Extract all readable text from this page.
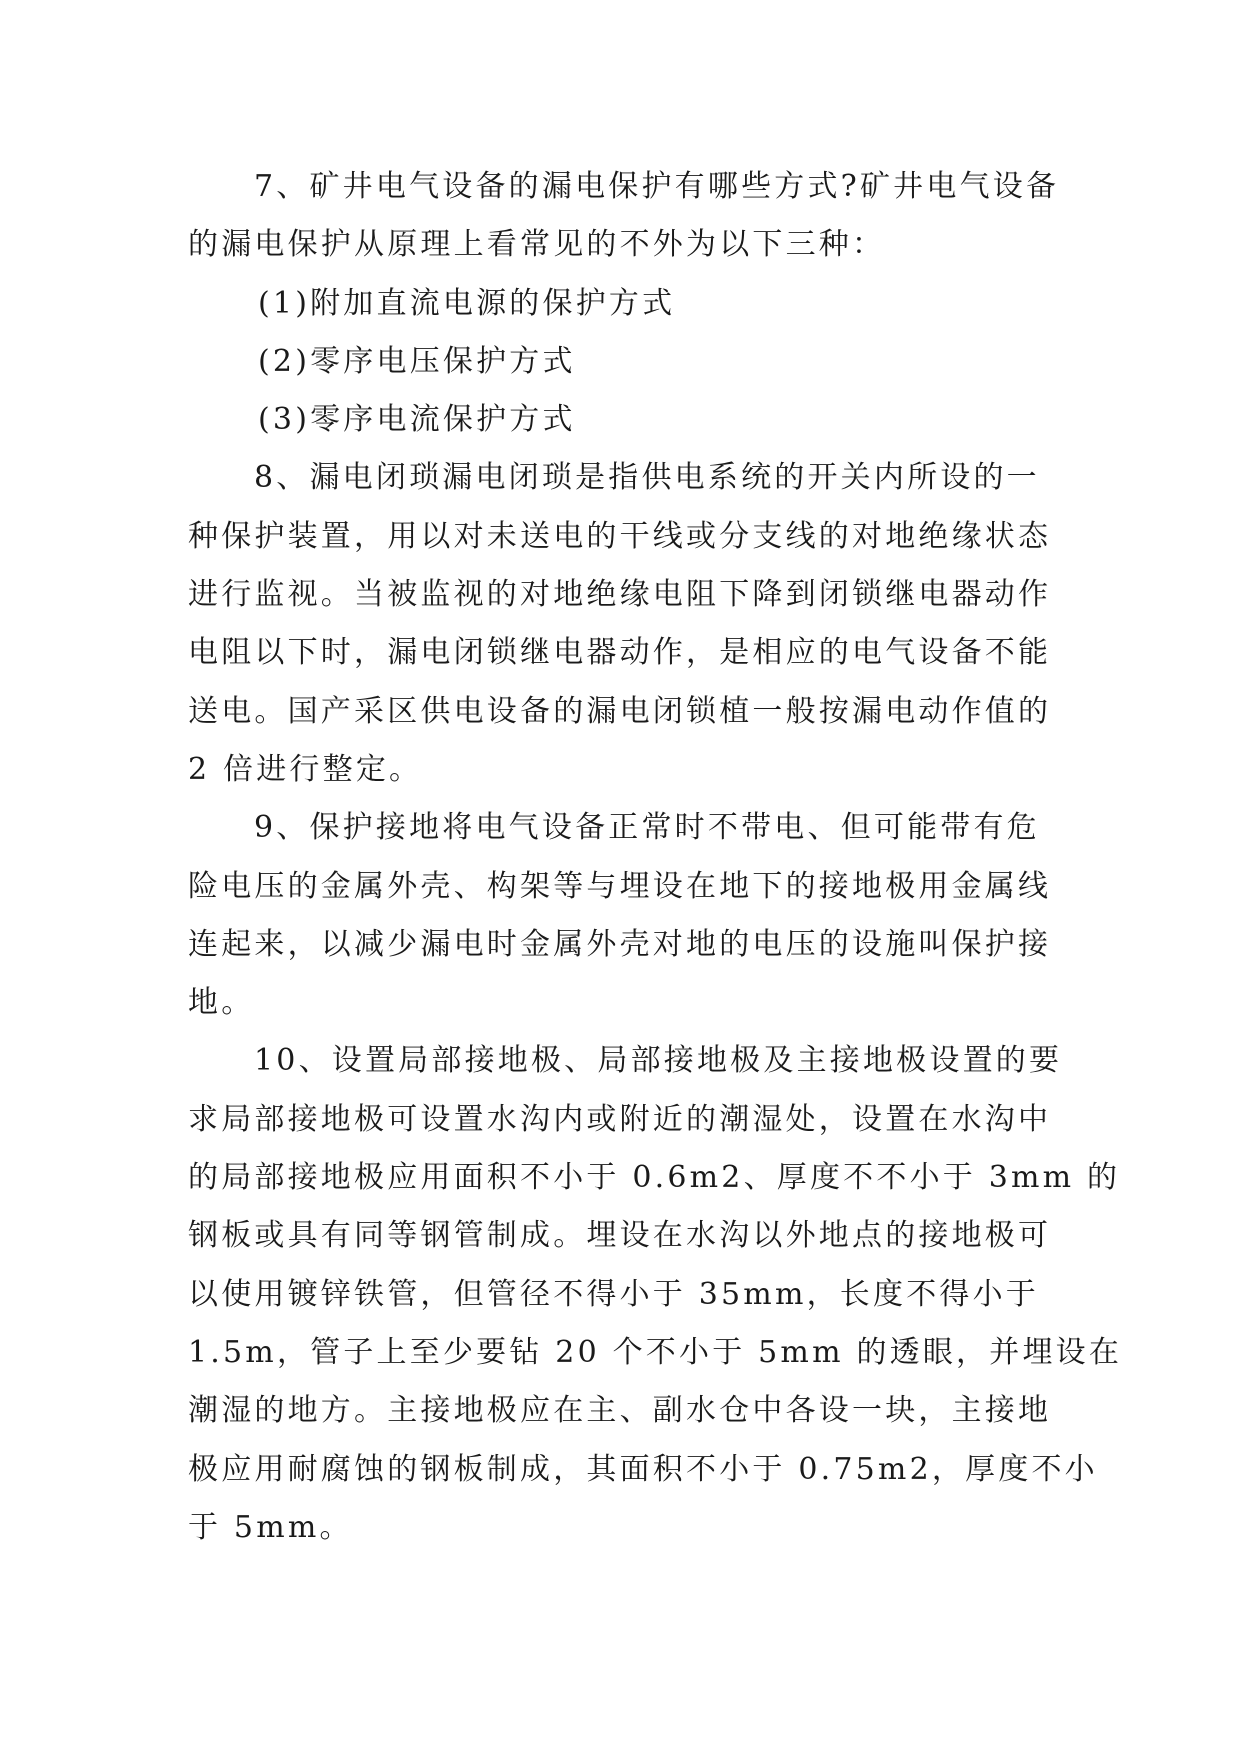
7、矿井电气设备的漏电保护有哪些方式?矿井电气设备
的漏电保护从原理上看常见的不外为以下三种：
(1)附加直流电源的保护方式
(2)零序电压保护方式
(3)零序电流保护方式
8、漏电闭琐漏电闭琐是指供电系统的开关内所设的一
种保护装置，用以对未送电的干线或分支线的对地绝缘状态
进行监视。当被监视的对地绝缘电阻下降到闭锁继电器动作
电阻以下时，漏电闭锁继电器动作，是相应的电气设备不能
送电。国产采区供电设备的漏电闭锁植一般按漏电动作值的
2 倍进行整定。
9、保护接地将电气设备正常时不带电、但可能带有危
险电压的金属外壳、构架等与埋设在地下的接地极用金属线
连起来，以减少漏电时金属外壳对地的电压的设施叫保护接
地。
10、设置局部接地极、局部接地极及主接地极设置的要
求局部接地极可设置水沟内或附近的潮湿处，设置在水沟中
的局部接地极应用面积不小于 0.6m2、厚度不不小于 3mm 的
钢板或具有同等钢管制成。埋设在水沟以外地点的接地极可
以使用镀锌铁管，但管径不得小于 35mm，长度不得小于
1.5m，管子上至少要钻 20 个不小于 5mm 的透眼，并埋设在
潮湿的地方。主接地极应在主、副水仓中各设一块，主接地
极应用耐腐蚀的钢板制成，其面积不小于 0.75m2，厚度不小
于 5mm。
